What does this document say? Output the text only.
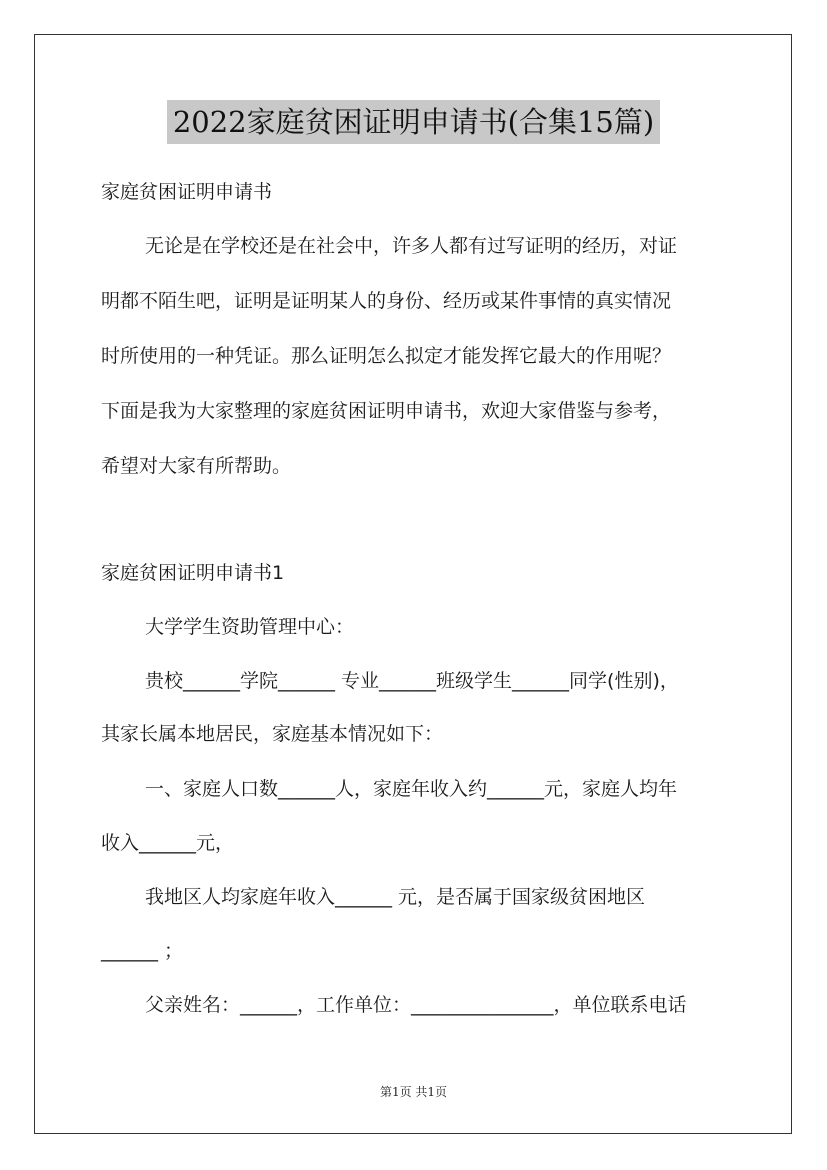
2022家庭贫困证明申请书(合集15篇)
家庭贫困证明申请书
无论是在学校还是在社会中，许多人都有过写证明的经历，对证
明都不陌生吧，证明是证明某人的身份、经历或某件事情的真实情况
时所使用的一种凭证。那么证明怎么拟定才能发挥它最大的作用呢？
下面是我为大家整理的家庭贫困证明申请书，欢迎大家借鉴与参考，
希望对大家有所帮助。
家庭贫困证明申请书1
大学学生资助管理中心：
贵校______学院______ 专业______班级学生______同学(性别)，
其家长属本地居民，家庭基本情况如下：
一、家庭人口数______人，家庭年收入约______元，家庭人均年
收入______元，
我地区人均家庭年收入______ 元，是否属于国家级贫困地区
______ ；
父亲姓名：______，工作单位：_______________，单位联系电话
第1页 共1页
